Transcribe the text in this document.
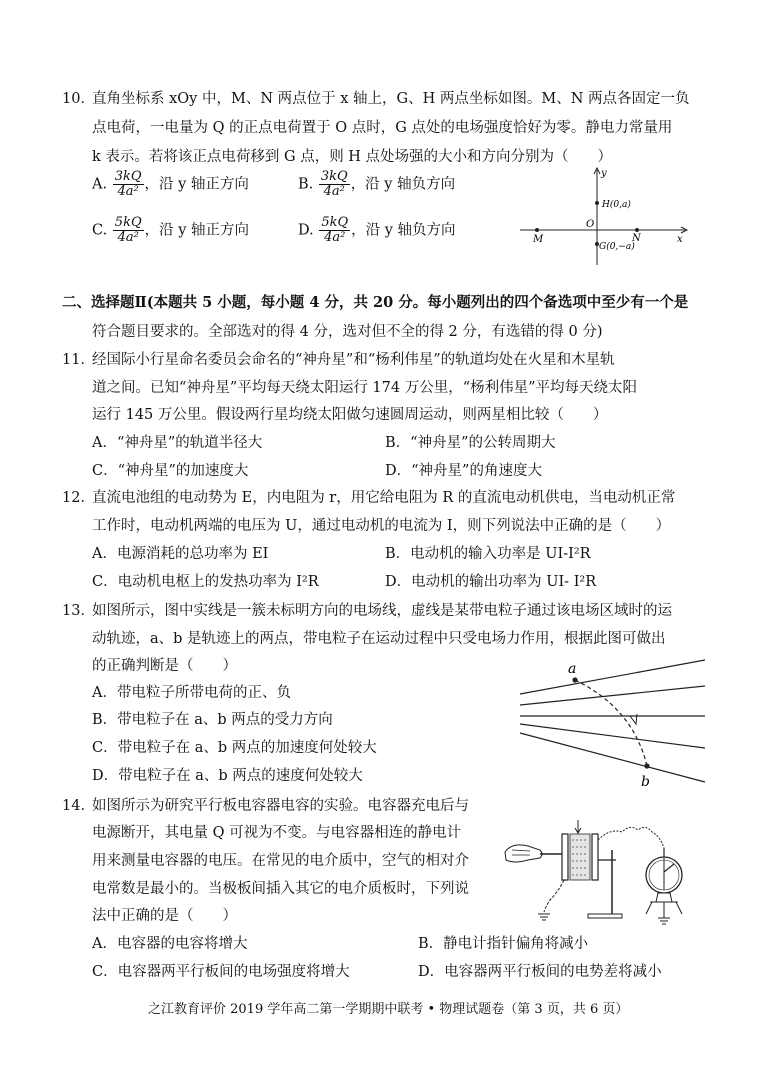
10．
直角坐标系 xOy 中，M、N 两点位于 x 轴上，G、H 两点坐标如图。M、N 两点各固定一负
点电荷，一电量为 Q 的正点电荷置于 O 点时，G 点处的电场强度恰好为零。静电力常量用
k 表示。若将该正点电荷移到 G 点，则 H 点处场强的大小和方向分别为（　　）
A. $\frac{3kQ}{\text{4a²}}$ ，沿 y 轴正方向	B. $\frac{3kQ}{\text{4a²}}$ ，沿 y 轴负方向
C. $\frac{5kQ}{\text{4a²}}$ ，沿 y 轴正方向	D. $\frac{5kQ}{\text{4a²}}$ ，沿 y 轴负方向
y
x
H(0,a)
G(0,−a)
O
M	N
二、选择题Ⅱ(本题共 5 小题，每小题 4 分，共 20 分。每小题列出的四个备选项中至少有一个是
符合题目要求的。全部选对的得 4 分，选对但不全的得 2 分，有选错的得 0 分)
11．
经国际小行星命名委员会命名的“神舟星”和“杨利伟星”的轨道均处在火星和木星轨
道之间。已知“神舟星”平均每天绕太阳运行 174 万公里，“杨利伟星”平均每天绕太阳
运行 145 万公里。假设两行星均绕太阳做匀速圆周运动，则两星相比较（　　）
A．“神舟星”的轨道半径大	B．“神舟星”的公转周期大
C．“神舟星”的加速度大	D．“神舟星”的角速度大
12．
直流电池组的电动势为 E，内电阻为 r，用它给电阻为 R 的直流电动机供电，当电动机正常
工作时，电动机两端的电压为 U，通过电动机的电流为 I，则下列说法中正确的是（　　）
A．电源消耗的总功率为 EI	B．电动机的输入功率是 UI-I²R
C．电动机电枢上的发热功率为 I²R	D．电动机的输出功率为 UI- I²R
13．
如图所示，图中实线是一簇未标明方向的电场线，虚线是某带电粒子通过该电场区域时的运
动轨迹，a、b 是轨迹上的两点，带电粒子在运动过程中只受电场力作用，根据此图可做出
的正确判断是（　　）
A．带电粒子所带电荷的正、负
B．带电粒子在 a、b 两点的受力方向
C．带电粒子在 a、b 两点的加速度何处较大
D．带电粒子在 a、b 两点的速度何处较大
a
b
14．
如图所示为研究平行板电容器电容的实验。电容器充电后与
电源断开，其电量 Q 可视为不变。与电容器相连的静电计
用来测量电容器的电压。在常见的电介质中，空气的相对介
电常数是最小的。当极板间插入其它的电介质板时，下列说
法中正确的是（　　）
A．电容器的电容将增大	B．静电计指针偏角将减小
C．电容器两平行板间的电场强度将增大	D．电容器两平行板间的电势差将减小
之江教育评价 2019 学年高二第一学期期中联考 • 物理试题卷（第 3 页，共 6 页）
